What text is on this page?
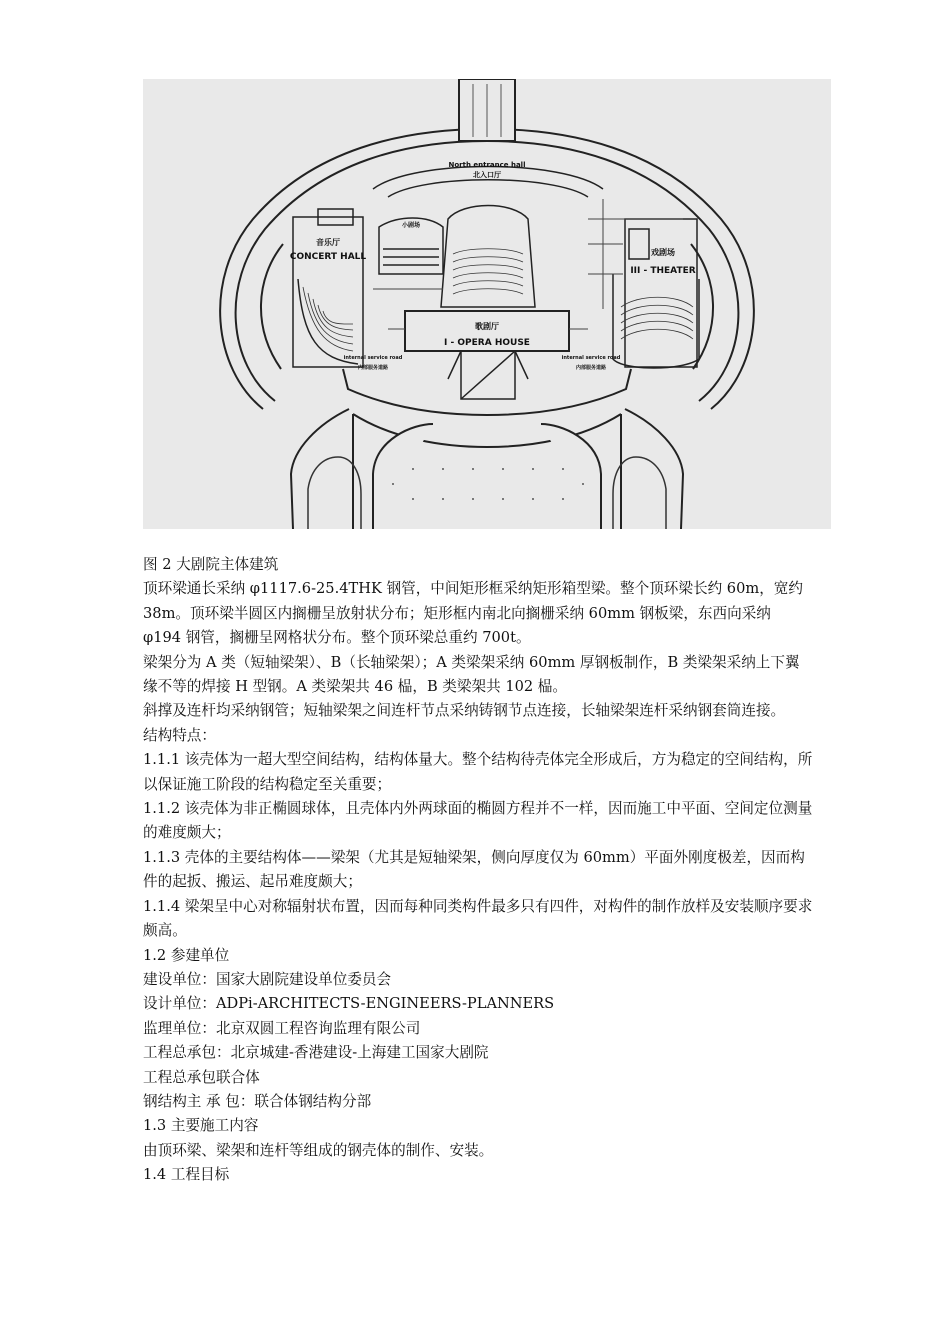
North entrance hall
北入口厅
音乐厅
CONCERT HALL
小剧场
戏剧场
III - THEATER
歌剧厅
I - OPERA HOUSE
internal service road
内部服务道路
internal service road
内部服务道路

图 2 大剧院主体建筑

顶环梁通长采纳 φ1117.6-25.4THK 钢管，中间矩形框采纳矩形箱型梁。整个顶环梁长约 60m，宽约 38m。顶环梁半圆区内搁栅呈放射状分布；矩形框内南北向搁栅采纳 60mm 钢板梁，东西向采纳 φ194 钢管，搁栅呈网格状分布。整个顶环梁总重约 700t。

梁架分为 A 类（短轴梁架）、B（长轴梁架）；A 类梁架采纳 60mm 厚钢板制作，B 类梁架采纳上下翼缘不等的焊接 H 型钢。A 类梁架共 46 榀，B 类梁架共 102 榀。

斜撑及连杆均采纳钢管；短轴梁架之间连杆节点采纳铸钢节点连接，长轴梁架连杆采纳钢套筒连接。

结构特点：

1.1.1 该壳体为一超大型空间结构，结构体量大。整个结构待壳体完全形成后，方为稳定的空间结构，所以保证施工阶段的结构稳定至关重要；

1.1.2 该壳体为非正椭圆球体，且壳体内外两球面的椭圆方程并不一样，因而施工中平面、空间定位测量的难度颇大；

1.1.3 壳体的主要结构体——梁架（尤其是短轴梁架，侧向厚度仅为 60mm）平面外刚度极差，因而构件的起扳、搬运、起吊难度颇大；

1.1.4 梁架呈中心对称辐射状布置，因而每种同类构件最多只有四件，对构件的制作放样及安装顺序要求颇高。

1.2 参建单位

建设单位：国家大剧院建设单位委员会

设计单位：ADPi-ARCHITECTS-ENGINEERS-PLANNERS

监理单位：北京双圆工程咨询监理有限公司

工程总承包：北京城建-香港建设-上海建工国家大剧院

工程总承包联合体

钢结构主 承 包：联合体钢结构分部

1.3 主要施工内容

由顶环梁、梁架和连杆等组成的钢壳体的制作、安装。

1.4 工程目标
